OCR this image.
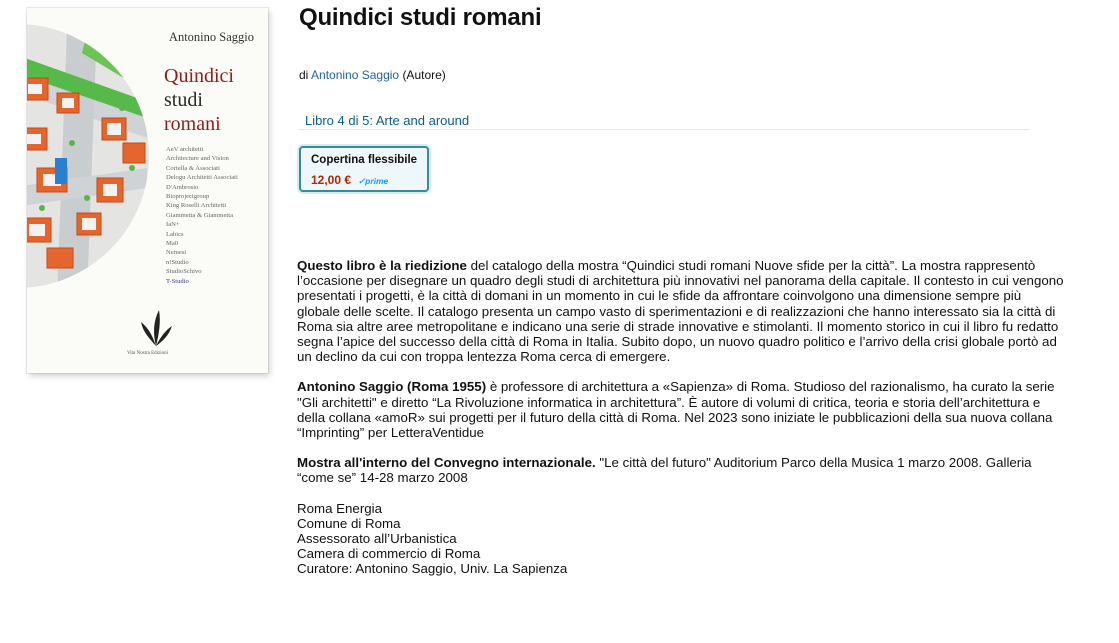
Antonino Saggio
Quindici
studi
romani
AeV architetti
Architecture and Vision
Cortella & Associati
Delogu Architetti Associati
D'Ambrosio
Bioprojectgroup
King Roselli Architetti
Giammetta & Giammetta
IaN+
Labics
Ma0
Nemesi
n!Studio
StudioSchivo
T-Studio
Vita Nostra Edizioni
Quindici studi romani
di Antonino Saggio (Autore)
Libro 4 di 5: Arte and around
Copertina flessibile
12,00 € ✓prime

Questo libro è la riedizione del catalogo della mostra “Quindici studi romani Nuove sfide per la città”. La mostra rappresentò l’occasione per disegnare un quadro degli studi di architettura più innovativi nel panorama della capitale. Il contesto in cui vengono presentati i progetti, è la città di domani in un momento in cui le sfide da affrontare coinvolgono una dimensione sempre più globale delle scelte. Il catalogo presenta un campo vasto di sperimentazioni e di realizzazioni che hanno interessato sia la città di Roma sia altre aree metropolitane e indicano una serie di strade innovative e stimolanti. Il momento storico in cui il libro fu redatto segna l’apice del successo della città di Roma in Italia. Subito dopo, un nuovo quadro politico e l’arrivo della crisi globale portò ad un declino da cui con troppa lentezza Roma cerca di emergere.

Antonino Saggio (Roma 1955) è professore di architettura a «Sapienza» di Roma. Studioso del razionalismo, ha curato la serie "Gli architetti" e diretto “La Rivoluzione informatica in architettura”. È autore di volumi di critica, teoria e storia dell’architettura e della collana «amoR» sui progetti per il futuro della città di Roma. Nel 2023 sono iniziate le pubblicazioni della sua nuova collana “Imprinting” per LetteraVentidue

Mostra all'interno del Convegno internazionale. "Le città del futuro" Auditorium Parco della Musica 1 marzo 2008. Galleria “come se” 14-28 marzo 2008

Roma Energia
Comune di Roma
Assessorato all’Urbanistica
Camera di commercio di Roma
Curatore: Antonino Saggio, Univ. La Sapienza
